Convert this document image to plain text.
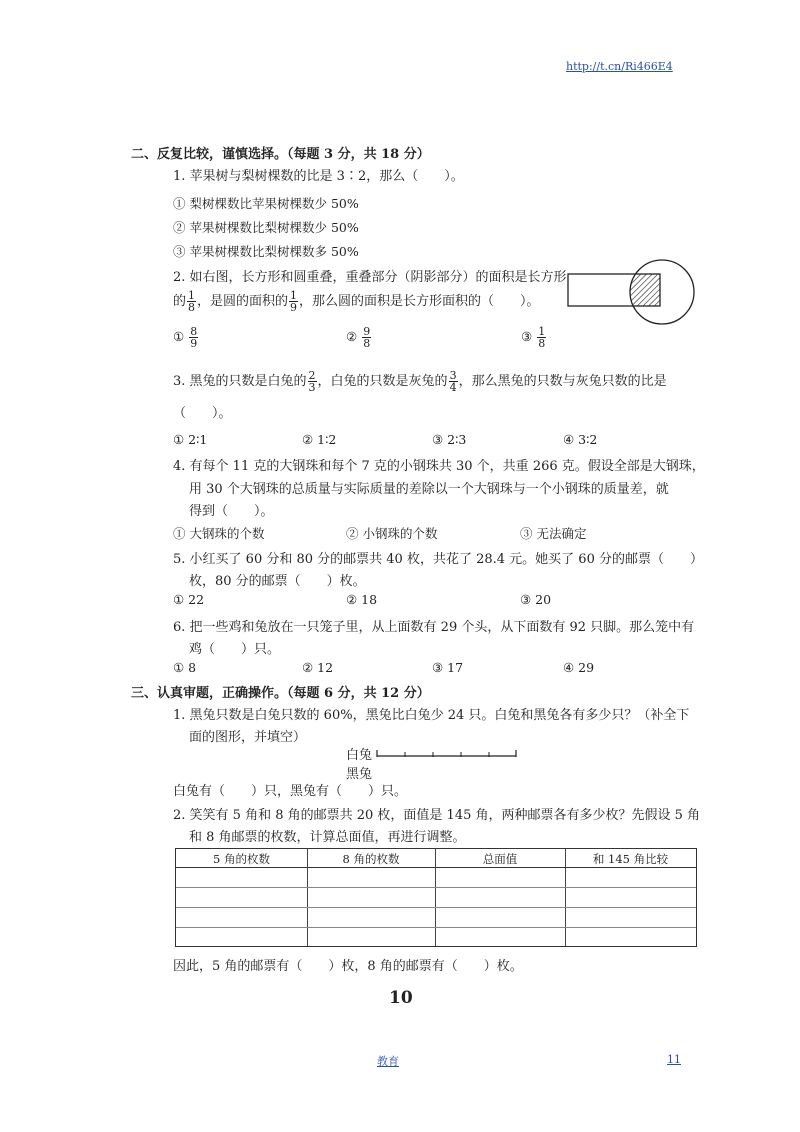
http://t.cn/Ri466E4
二、反复比较，谨慎选择。（每题 3 分，共 18 分）
1. 苹果树与梨树棵数的比是 3∶2，那么（　　）。
① 梨树棵数比苹果树棵数少 50%
② 苹果树棵数比梨树棵数少 50%
③ 苹果树棵数比梨树棵数多 50%
2. 如右图，长方形和圆重叠，重叠部分（阴影部分）的面积是长方形
的 $\frac{1}{8}$ ，是圆的面积的 $\frac{1}{9}$ ，那么圆的面积是长方形面积的（　　）。
① $\frac{8}{9}$	② $\frac{9}{8}$	③ $\frac{1}{8}$
3. 黑兔的只数是白兔的 $\frac{2}{3}$ ，白兔的只数是灰兔的 $\frac{3}{4}$ ，那么黑兔的只数与灰兔只数的比是
（　　）。
① 2∶1	② 1∶2	③ 2∶3	④ 3∶2
4. 有每个 11 克的大钢珠和每个 7 克的小钢珠共 30 个，共重 266 克。假设全部是大钢珠，
用 30 个大钢珠的总质量与实际质量的差除以一个大钢珠与一个小钢珠的质量差，就
得到（　　）。
① 大钢珠的个数	② 小钢珠的个数	③ 无法确定
5. 小红买了 60 分和 80 分的邮票共 40 枚，共花了 28.4 元。她买了 60 分的邮票（　　）
枚，80 分的邮票（　　）枚。
① 22	② 18	③ 20
6. 把一些鸡和兔放在一只笼子里，从上面数有 29 个头，从下面数有 92 只脚。那么笼中有
鸡（　　）只。
① 8	② 12	③ 17	④ 29
三、认真审题，正确操作。（每题 6 分，共 12 分）
1. 黑兔只数是白兔只数的 60%，黑兔比白兔少 24 只。白兔和黑兔各有多少只？（补全下
面的图形，并填空）
白兔
黑兔
白兔有（　　）只，黑兔有（　　）只。
2. 笑笑有 5 角和 8 角的邮票共 20 枚，面值是 145 角，两种邮票各有多少枚？先假设 5 角
和 8 角邮票的枚数，计算总面值，再进行调整。
5 角的枚数	8 角的枚数	总面值	和 145 角比较
因此，5 角的邮票有（　　）枚，8 角的邮票有（　　）枚。
10
教育	11
